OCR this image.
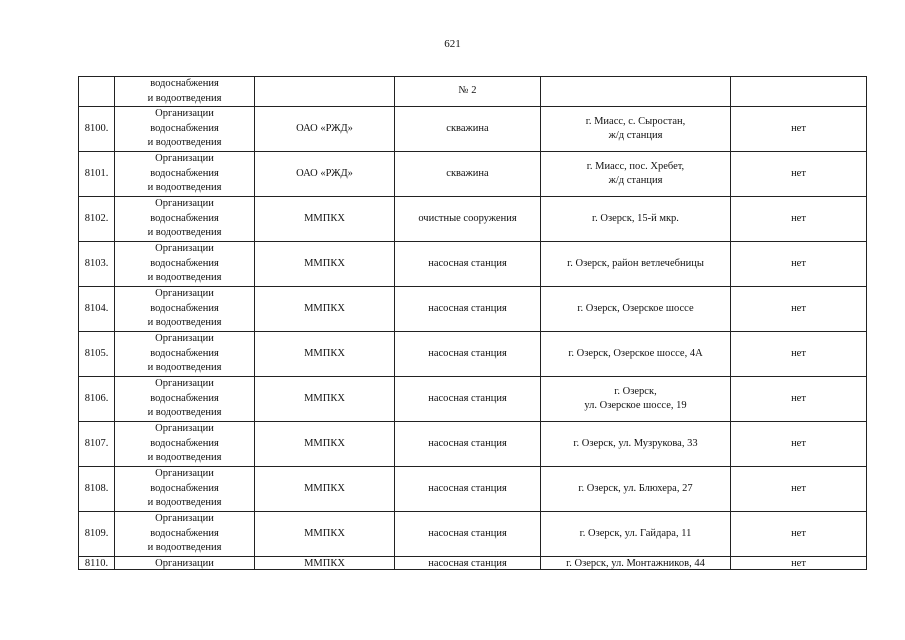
621

	водоснабжения
и водоотведения		№ 2		
8100.	Организации
водоснабжения
и водоотведения	ОАО «РЖД»	скважина	г. Миасс, с. Сыростан,
ж/д станция	нет
8101.	Организации
водоснабжения
и водоотведения	ОАО «РЖД»	скважина	г. Миасс, пос. Хребет,
ж/д станция	нет
8102.	Организации
водоснабжения
и водоотведения	ММПКХ	очистные сооружения	г. Озерск, 15-й мкр.	нет
8103.	Организации
водоснабжения
и водоотведения	ММПКХ	насосная станция	г. Озерск, район ветлечебницы	нет
8104.	Организации
водоснабжения
и водоотведения	ММПКХ	насосная станция	г. Озерск, Озерское шоссе	нет
8105.	Организации
водоснабжения
и водоотведения	ММПКХ	насосная станция	г. Озерск, Озерское шоссе, 4А	нет
8106.	Организации
водоснабжения
и водоотведения	ММПКХ	насосная станция	г. Озерск,
ул. Озерское шоссе, 19	нет
8107.	Организации
водоснабжения
и водоотведения	ММПКХ	насосная станция	г. Озерск, ул. Музрукова, 33	нет
8108.	Организации
водоснабжения
и водоотведения	ММПКХ	насосная станция	г. Озерск, ул. Блюхера, 27	нет
8109.	Организации
водоснабжения
и водоотведения	ММПКХ	насосная станция	г. Озерск, ул. Гайдара, 11	нет
8110.	Организации	ММПКХ	насосная станция	г. Озерск, ул. Монтажников, 44	нет
